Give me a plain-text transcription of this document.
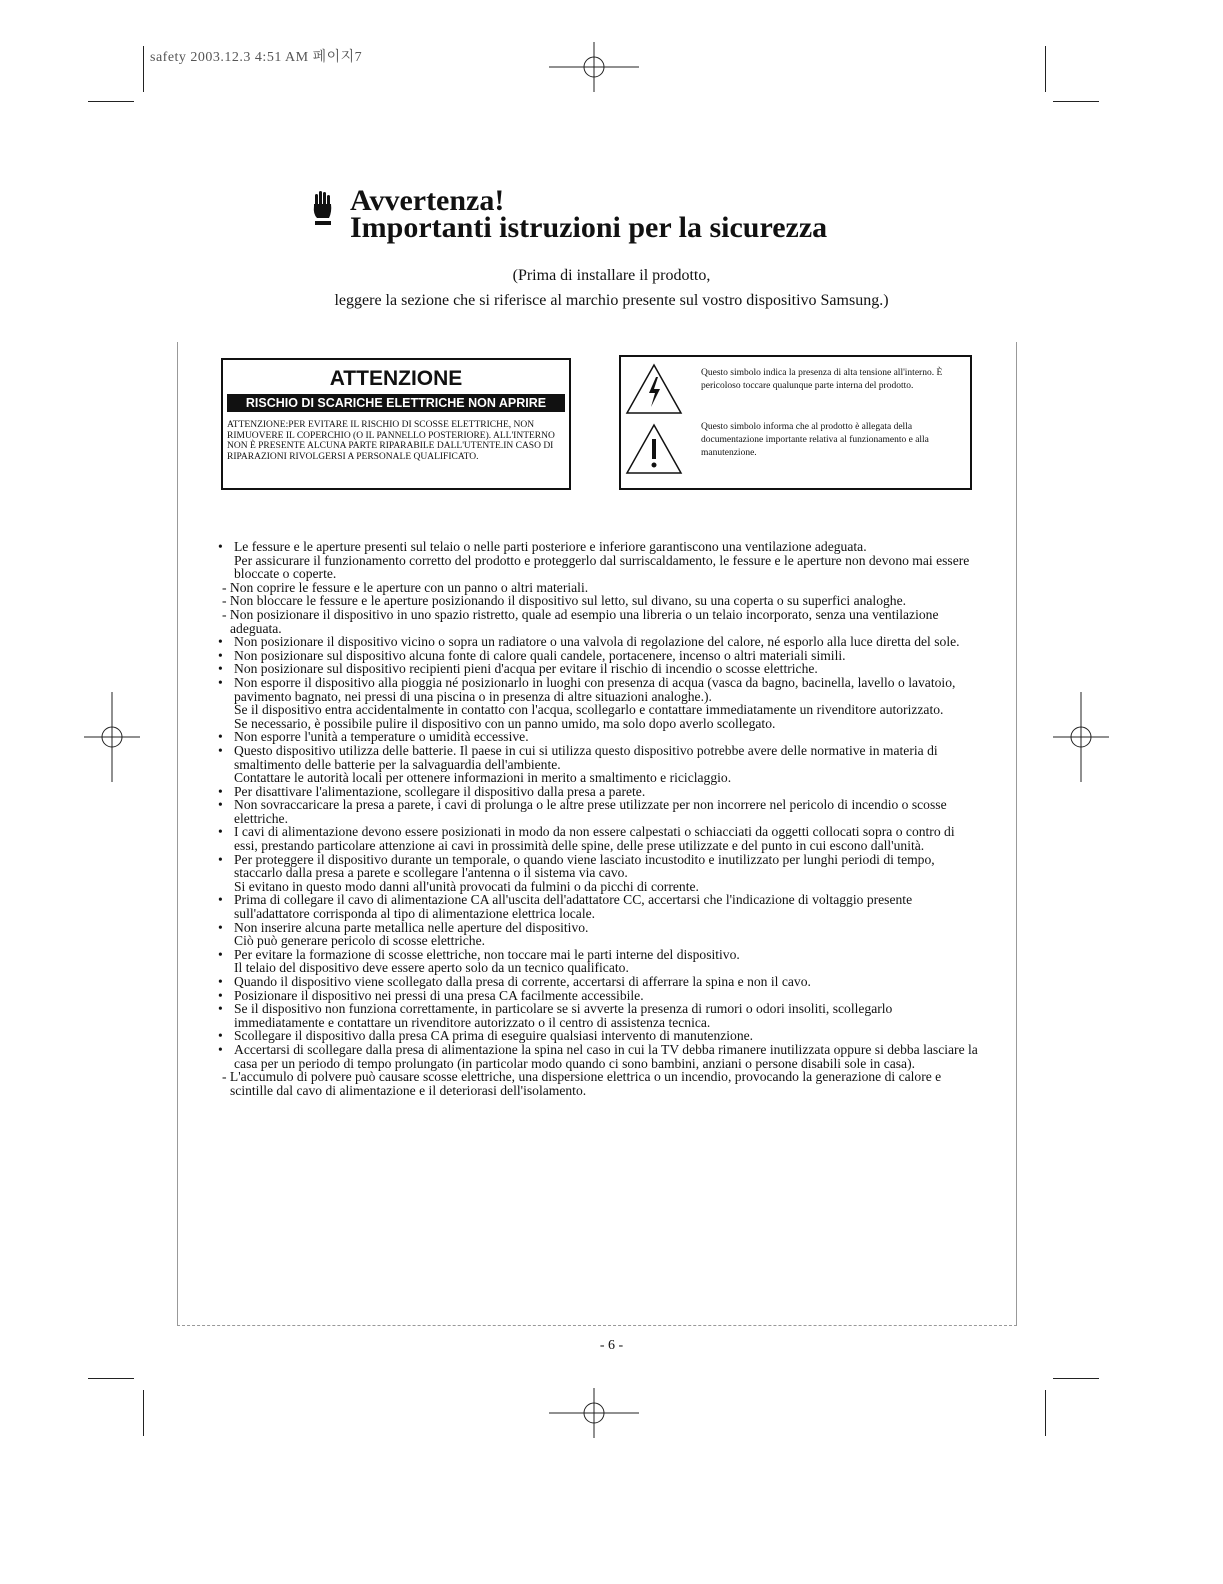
safety 2003.12.3 4:51 AM 페이지7
Avvertenza!
Importanti istruzioni per la sicurezza
(Prima di installare il prodotto,
leggere la sezione che si riferisce al marchio presente sul vostro dispositivo Samsung.)
ATTENZIONE
RISCHIO DI SCARICHE ELETTRICHE NON APRIRE
ATTENZIONE:PER EVITARE IL RISCHIO DI SCOSSE ELETTRICHE, NON RIMUOVERE IL COPERCHIO (O IL PANNELLO POSTERIORE). ALL'INTERNO NON È PRESENTE ALCUNA PARTE RIPARABILE DALL'UTENTE.IN CASO DI RIPARAZIONI RIVOLGERSI A PERSONALE QUALIFICATO.
Questo simbolo indica la presenza di alta tensione all'interno. È pericoloso toccare qualunque parte interna del prodotto.
Questo simbolo informa che al prodotto è allegata della documentazione importante relativa al funzionamento e alla manutenzione.
• Le fessure e le aperture presenti sul telaio o nelle parti posteriore e inferiore garantiscono una ventilazione adeguata.
Per assicurare il funzionamento corretto del prodotto e proteggerlo dal surriscaldamento, le fessure e le aperture non devono mai essere bloccate o coperte.
- Non coprire le fessure e le aperture con un panno o altri materiali.
- Non bloccare le fessure e le aperture posizionando il dispositivo sul letto, sul divano, su una coperta o su superfici analoghe.
- Non posizionare il dispositivo in uno spazio ristretto, quale ad esempio una libreria o un telaio incorporato, senza una ventilazione adeguata.
• Non posizionare il dispositivo vicino o sopra un radiatore o una valvola di regolazione del calore, né esporlo alla luce diretta del sole.
• Non posizionare sul dispositivo alcuna fonte di calore quali candele, portacenere, incenso o altri materiali simili.
• Non posizionare sul dispositivo recipienti pieni d'acqua per evitare il rischio di incendio o scosse elettriche.
• Non esporre il dispositivo alla pioggia né posizionarlo in luoghi con presenza di acqua (vasca da bagno, bacinella, lavello o lavatoio, pavimento bagnato, nei pressi di una piscina o in presenza di altre situazioni analoghe.).
Se il dispositivo entra accidentalmente in contatto con l'acqua, scollegarlo e contattare immediatamente un rivenditore autorizzato.
Se necessario, è possibile pulire il dispositivo con un panno umido, ma solo dopo averlo scollegato.
• Non esporre l'unità a temperature o umidità eccessive.
• Questo dispositivo utilizza delle batterie. Il paese in cui si utilizza questo dispositivo potrebbe avere delle normative in materia di smaltimento delle batterie per la salvaguardia dell'ambiente.
Contattare le autorità locali per ottenere informazioni in merito a smaltimento e riciclaggio.
• Per disattivare l'alimentazione, scollegare il dispositivo dalla presa a parete.
• Non sovraccaricare la presa a parete, i cavi di prolunga o le altre prese utilizzate per non incorrere nel pericolo di incendio o scosse elettriche.
• I cavi di alimentazione devono essere posizionati in modo da non essere calpestati o schiacciati da oggetti collocati sopra o contro di essi, prestando particolare attenzione ai cavi in prossimità delle spine, delle prese utilizzate e del punto in cui escono dall'unità.
• Per proteggere il dispositivo durante un temporale, o quando viene lasciato incustodito e inutilizzato per lunghi periodi di tempo, staccarlo dalla presa a parete e scollegare l'antenna o il sistema via cavo.
Si evitano in questo modo danni all'unità provocati da fulmini o da picchi di corrente.
• Prima di collegare il cavo di alimentazione CA all'uscita dell'adattatore CC, accertarsi che l'indicazione di voltaggio presente sull'adattatore corrisponda al tipo di alimentazione elettrica locale.
• Non inserire alcuna parte metallica nelle aperture del dispositivo.
Ciò può generare pericolo di scosse elettriche.
• Per evitare la formazione di scosse elettriche, non toccare mai le parti interne del dispositivo.
Il telaio del dispositivo deve essere aperto solo da un tecnico qualificato.
• Quando il dispositivo viene scollegato dalla presa di corrente, accertarsi di afferrare la spina e non il cavo.
• Posizionare il dispositivo nei pressi di una presa CA facilmente accessibile.
• Se il dispositivo non funziona correttamente, in particolare se si avverte la presenza di rumori o odori insoliti, scollegarlo immediatamente e contattare un rivenditore autorizzato o il centro di assistenza tecnica.
• Scollegare il dispositivo dalla presa CA prima di eseguire qualsiasi intervento di manutenzione.
• Accertarsi di scollegare dalla presa di alimentazione la spina nel caso in cui la TV debba rimanere inutilizzata oppure si debba lasciare la casa per un periodo di tempo prolungato (in particolar modo quando ci sono bambini, anziani o persone disabili sole in casa).
- L'accumulo di polvere può causare scosse elettriche, una dispersione elettrica o un incendio, provocando la generazione di calore e scintille dal cavo di alimentazione e il deteriorasi dell'isolamento.
- 6 -
